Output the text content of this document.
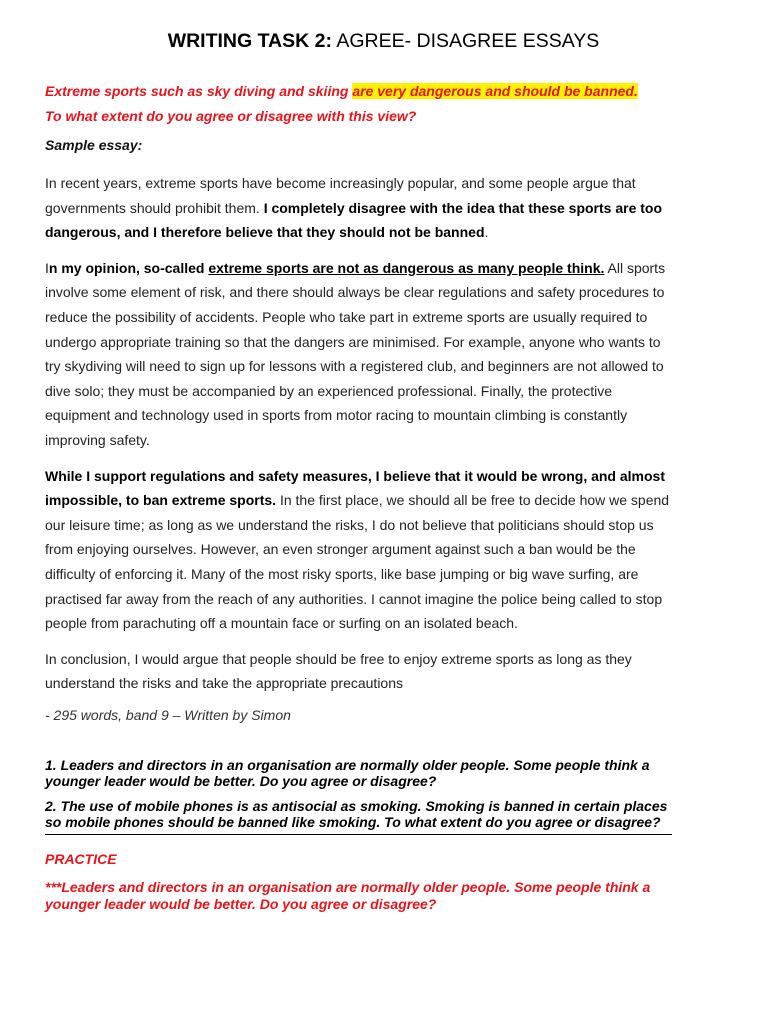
WRITING TASK 2: AGREE- DISAGREE ESSAYS
Extreme sports such as sky diving and skiing are very dangerous and should be banned.
To what extent do you agree or disagree with this view?
Sample essay:

In recent years, extreme sports have become increasingly popular, and some people argue that governments should prohibit them. I completely disagree with the idea that these sports are too dangerous, and I therefore believe that they should not be banned.

In my opinion, so-called extreme sports are not as dangerous as many people think. All sports involve some element of risk, and there should always be clear regulations and safety procedures to reduce the possibility of accidents. People who take part in extreme sports are usually required to undergo appropriate training so that the dangers are minimised. For example, anyone who wants to try skydiving will need to sign up for lessons with a registered club, and beginners are not allowed to dive solo; they must be accompanied by an experienced professional. Finally, the protective equipment and technology used in sports from motor racing to mountain climbing is constantly improving safety.

While I support regulations and safety measures, I believe that it would be wrong, and almost impossible, to ban extreme sports. In the first place, we should all be free to decide how we spend our leisure time; as long as we understand the risks, I do not believe that politicians should stop us from enjoying ourselves. However, an even stronger argument against such a ban would be the difficulty of enforcing it. Many of the most risky sports, like base jumping or big wave surfing, are practised far away from the reach of any authorities. I cannot imagine the police being called to stop people from parachuting off a mountain face or surfing on an isolated beach.

In conclusion, I would argue that people should be free to enjoy extreme sports as long as they understand the risks and take the appropriate precautions

- 295 words, band 9 – Written by Simon
1. Leaders and directors in an organisation are normally older people. Some people think a younger leader would be better. Do you agree or disagree?
2. The use of mobile phones is as antisocial as smoking. Smoking is banned in certain places so mobile phones should be banned like smoking. To what extent do you agree or disagree?
PRACTICE
***Leaders and directors in an organisation are normally older people. Some people think a younger leader would be better. Do you agree or disagree?
